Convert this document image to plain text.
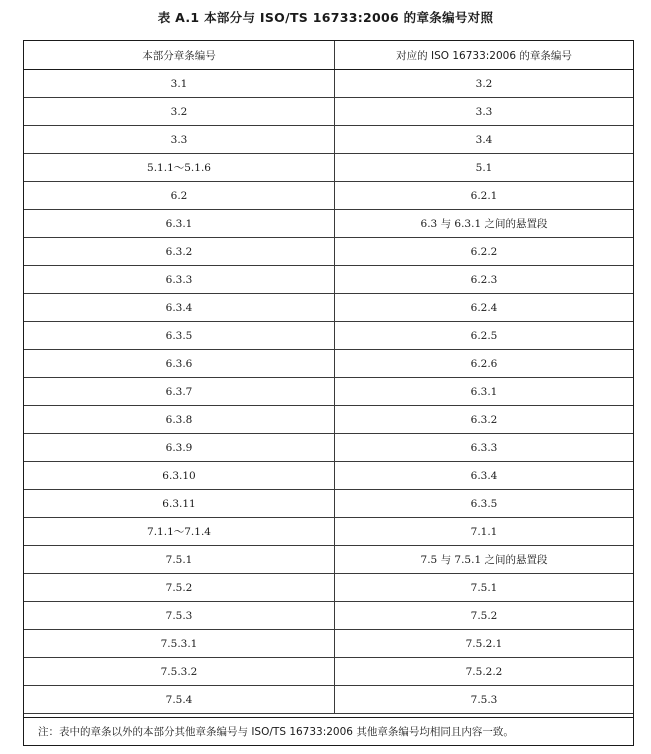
表 A.1 本部分与 ISO/TS 16733:2006 的章条编号对照
本部分章条编号	对应的 ISO 16733:2006 的章条编号
3.1	3.2
3.2	3.3
3.3	3.4
5.1.1～5.1.6	5.1
6.2	6.2.1
6.3.1	6.3 与 6.3.1 之间的悬置段
6.3.2	6.2.2
6.3.3	6.2.3
6.3.4	6.2.4
6.3.5	6.2.5
6.3.6	6.2.6
6.3.7	6.3.1
6.3.8	6.3.2
6.3.9	6.3.3
6.3.10	6.3.4
6.3.11	6.3.5
7.1.1～7.1.4	7.1.1
7.5.1	7.5 与 7.5.1 之间的悬置段
7.5.2	7.5.1
7.5.3	7.5.2
7.5.3.1	7.5.2.1
7.5.3.2	7.5.2.2
7.5.4	7.5.3
注：表中的章条以外的本部分其他章条编号与 ISO/TS 16733:2006 其他章条编号均相同且内容一致。
